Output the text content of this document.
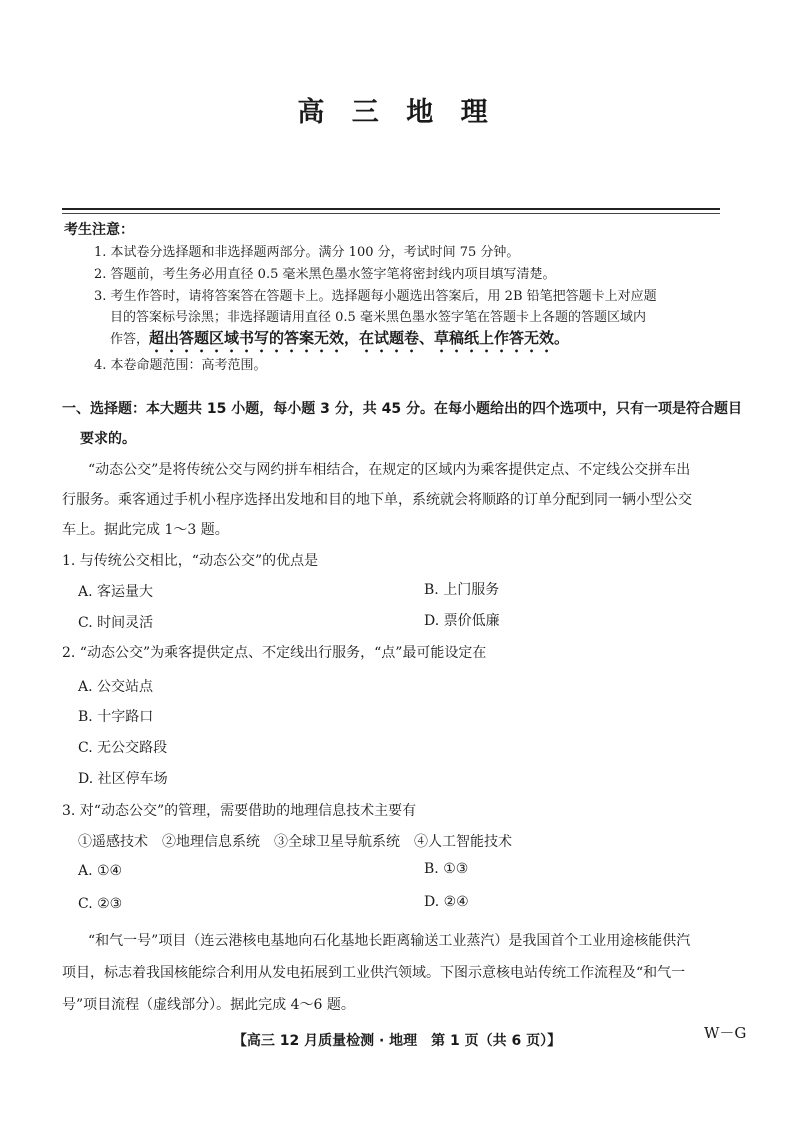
高 三 地 理
考生注意：
1. 本试卷分选择题和非选择题两部分。满分 100 分，考试时间 75 分钟。
2. 答题前，考生务必用直径 0.5 毫米黑色墨水签字笔将密封线内项目填写清楚。
3. 考生作答时，请将答案答在答题卡上。选择题每小题选出答案后，用 2B 铅笔把答题卡上对应题
目的答案标号涂黑；非选择题请用直径 0.5 毫米黑色墨水签字笔在答题卡上各题的答题区域内
作答，超出答题区域书写的答案无效，在试题卷、草稿纸上作答无效。
4. 本卷命题范围：高考范围。
一、选择题：本大题共 15 小题，每小题 3 分，共 45 分。在每小题给出的四个选项中，只有一项是符合题目
要求的。
“动态公交”是将传统公交与网约拼车相结合，在规定的区域内为乘客提供定点、不定线公交拼车出
行服务。乘客通过手机小程序选择出发地和目的地下单，系统就会将顺路的订单分配到同一辆小型公交
车上。据此完成 1～3 题。
1. 与传统公交相比，“动态公交”的优点是
A. 客运量大	B. 上门服务
C. 时间灵活	D. 票价低廉
2. “动态公交”为乘客提供定点、不定线出行服务，“点”最可能设定在
A. 公交站点
B. 十字路口
C. 无公交路段
D. 社区停车场
3. 对“动态公交”的管理，需要借助的地理信息技术主要有
①遥感技术　②地理信息系统　③全球卫星导航系统　④人工智能技术
A. ①④	B. ①③
C. ②③	D. ②④
“和气一号”项目（连云港核电基地向石化基地长距离输送工业蒸汽）是我国首个工业用途核能供汽
项目，标志着我国核能综合利用从发电拓展到工业供汽领域。下图示意核电站传统工作流程及“和气一
号”项目流程（虚线部分）。据此完成 4～6 题。
【高三 12 月质量检测 · 地理　第 1 页（共 6 页）】	W－G
